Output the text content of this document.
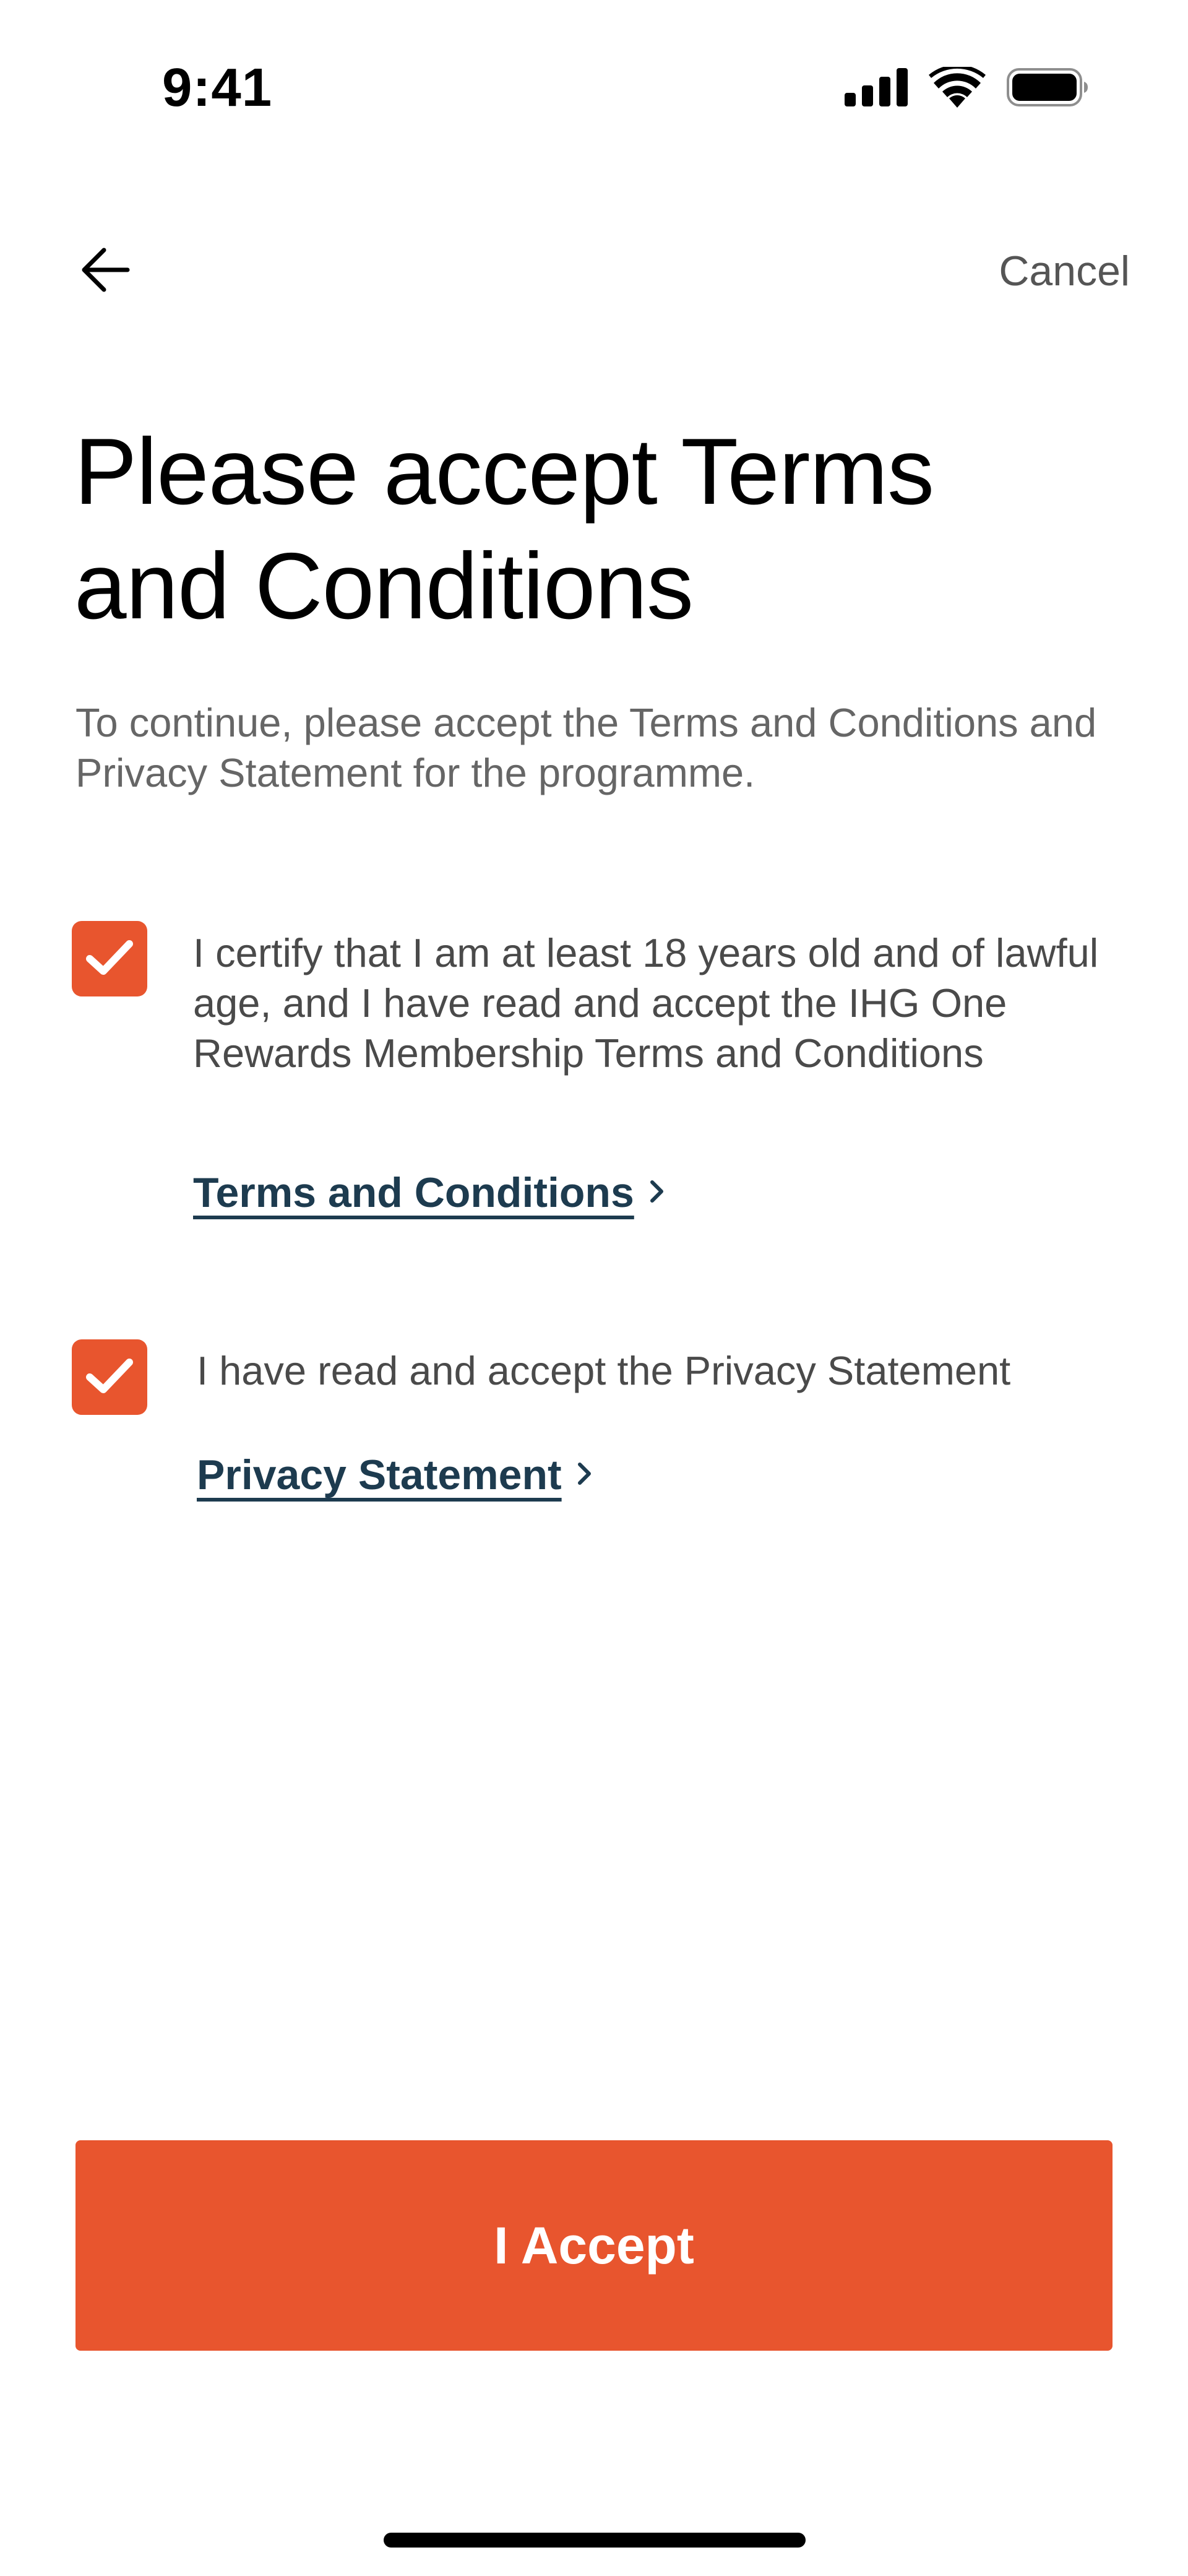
9:41
Cancel
Please accept Terms and Conditions
To continue, please accept the Terms and Conditions and Privacy Statement for the programme.
I certify that I am at least 18 years old and of lawful age, and I have read and accept the IHG One Rewards Membership Terms and Conditions
Terms and Conditions
I have read and accept the Privacy Statement
Privacy Statement
I Accept
